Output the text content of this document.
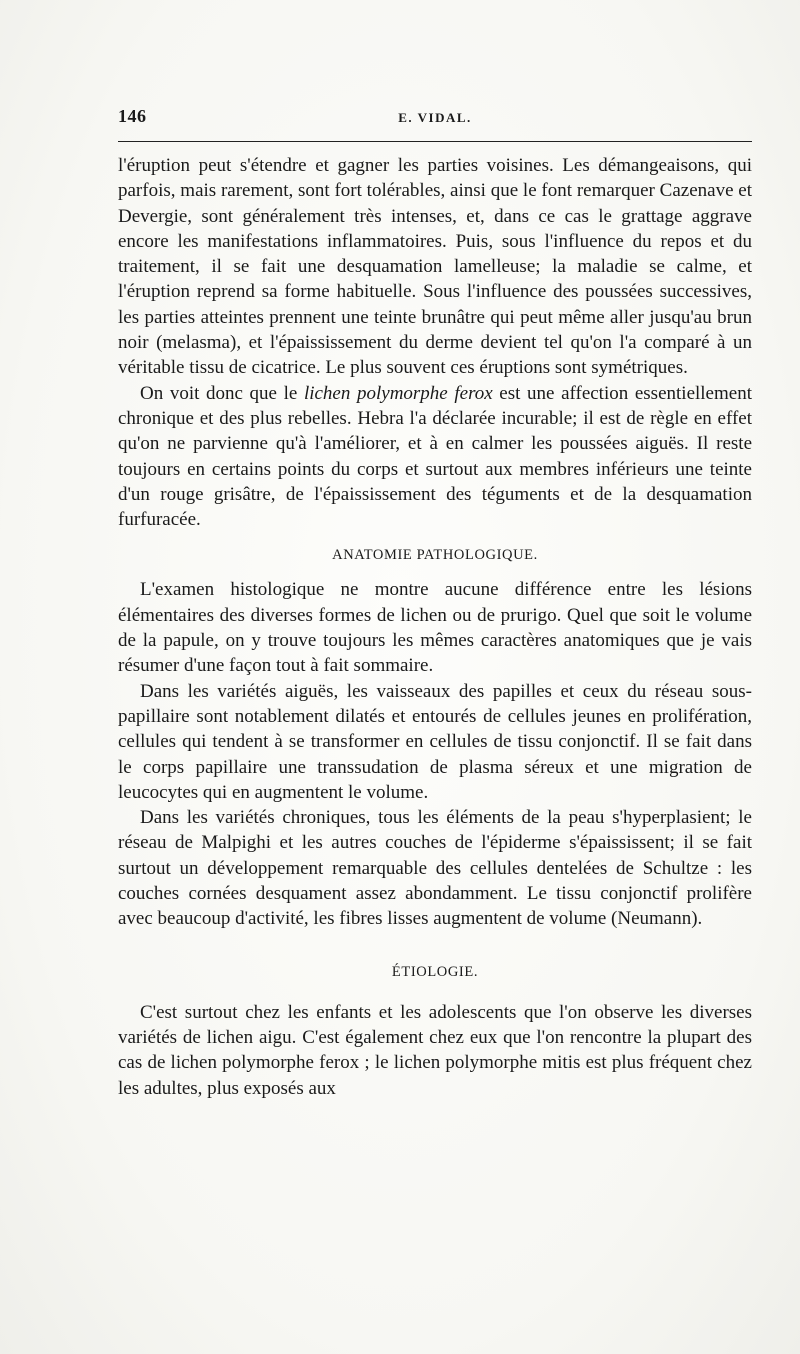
146	E. VIDAL.

l'éruption peut s'étendre et gagner les parties voisines. Les démangeaisons, qui parfois, mais rarement, sont fort tolérables, ainsi que le font remarquer Cazenave et Devergie, sont généralement très intenses, et, dans ce cas le grattage aggrave encore les manifestations inflammatoires. Puis, sous l'influence du repos et du traitement, il se fait une desquamation lamelleuse; la maladie se calme, et l'éruption reprend sa forme habituelle. Sous l'influence des poussées successives, les parties atteintes prennent une teinte brunâtre qui peut même aller jusqu'au brun noir (melasma), et l'épaississement du derme devient tel qu'on l'a comparé à un véritable tissu de cicatrice. Le plus souvent ces éruptions sont symétriques.

On voit donc que le lichen polymorphe ferox est une affection essentiellement chronique et des plus rebelles. Hebra l'a déclarée incurable; il est de règle en effet qu'on ne parvienne qu'à l'améliorer, et à en calmer les poussées aiguës. Il reste toujours en certains points du corps et surtout aux membres inférieurs une teinte d'un rouge grisâtre, de l'épaississement des téguments et de la desquamation furfuracée.

ANATOMIE PATHOLOGIQUE.

L'examen histologique ne montre aucune différence entre les lésions élémentaires des diverses formes de lichen ou de prurigo. Quel que soit le volume de la papule, on y trouve toujours les mêmes caractères anatomiques que je vais résumer d'une façon tout à fait sommaire.

Dans les variétés aiguës, les vaisseaux des papilles et ceux du réseau sous-papillaire sont notablement dilatés et entourés de cellules jeunes en prolifération, cellules qui tendent à se transformer en cellules de tissu conjonctif. Il se fait dans le corps papillaire une transsudation de plasma séreux et une migration de leucocytes qui en augmentent le volume.

Dans les variétés chroniques, tous les éléments de la peau s'hyperplasient; le réseau de Malpighi et les autres couches de l'épiderme s'épaississent; il se fait surtout un développement remarquable des cellules dentelées de Schultze : les couches cornées desquament assez abondamment. Le tissu conjonctif prolifère avec beaucoup d'activité, les fibres lisses augmentent de volume (Neumann).

ÉTIOLOGIE.

C'est surtout chez les enfants et les adolescents que l'on observe les diverses variétés de lichen aigu. C'est également chez eux que l'on rencontre la plupart des cas de lichen polymorphe ferox ; le lichen polymorphe mitis est plus fréquent chez les adultes, plus exposés aux
